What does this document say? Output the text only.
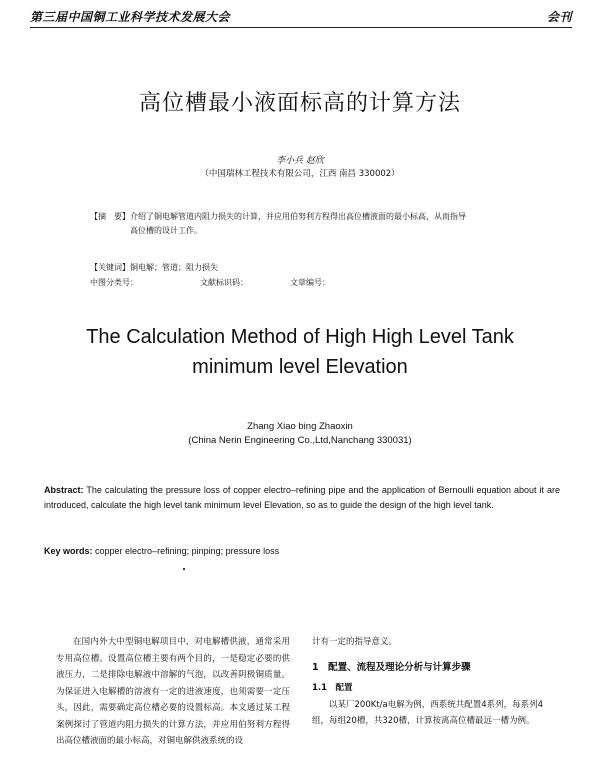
第三届中国铜工业科学技术发展大会	会刊
高位槽最小液面标高的计算方法
李小兵 赵欣
（中国瑞林工程技术有限公司，江西 南昌 330002）
【摘　要】介绍了铜电解管道内阻力损失的计算，并应用伯努利方程得出高位槽液面的最小标高，从而指导
高位槽的设计工作。
【关键词】铜电解；管道；阻力损失
中图分类号：	文献标识码：	文章编号：
The Calculation Method of High High Level Tank
minimum level Elevation
Zhang Xiao bing Zhaoxin
(China Nerin Engineering Co.,Ltd,Nanchang 330031)
Abstract: The calculating the pressure loss of copper electro–refining pipe and the application of Bernoulli equation about it are introduced, calculate the high level tank minimum level Elevation, so as to guide the design of the high level tank.
Key words: copper electro–refining; pinping; pressure loss

在国内外大中型铜电解项目中，对电解槽供液，通常采用专用高位槽。设置高位槽主要有两个目的，一是稳定必要的供液压力，二是排除电解液中溶解的气泡，以改善阴极铜质量。为保证进入电解槽的溶液有一定的进液速度，也须需要一定压头，因此，需要确定高位槽必要的设置标高。本文通过某工程案例探讨了管道内阻力损失的计算方法，并应用伯努利方程得出高位槽液面的最小标高，对铜电解供液系统的设

计有一定的指导意义。

1　配置、流程及理论分析与计算步骤

1.1　配置

以某厂200Kt/a电解为例，西系统共配置4系列，每系列4组，每组20槽，共320槽，计算按离高位槽最远一槽为例。
